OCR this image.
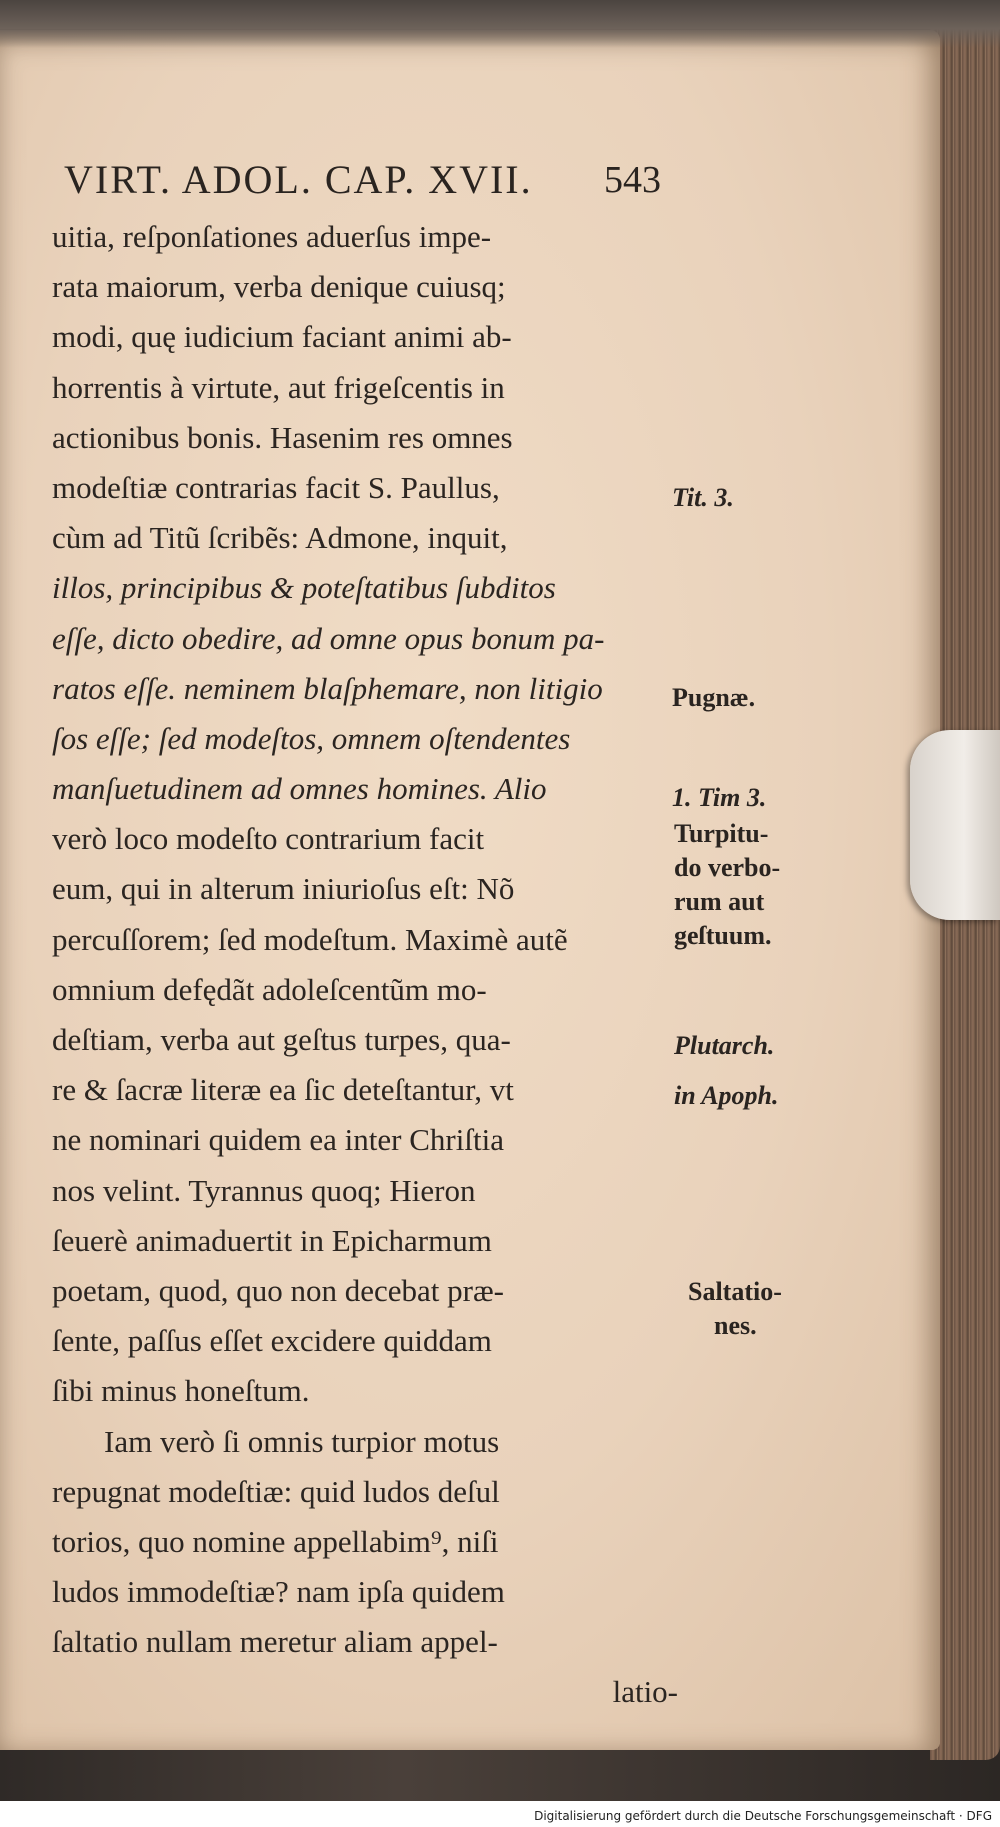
VIRT. ADOL. CAP. XVII.	543
uitia, reſponſationes aduerſus impe-
rata maiorum, verba denique cuiusq;
modi, quę iudicium faciant animi ab-
horrentis à virtute, aut frigeſcentis in
actionibus bonis. Hasenim res omnes
modeſtiæ contrarias facit S. Paullus,
cùm ad Titũ ſcribẽs: Admone, inquit,
illos, principibus & poteſtatibus ſubditos
eſſe, dicto obedire, ad omne opus bonum pa-
ratos eſſe. neminem blaſphemare, non litigio
ſos eſſe; ſed modeſtos, omnem oſtendentes
manſuetudinem ad omnes homines. Alio
verò loco modeſto contrarium facit
eum, qui in alterum iniurioſus eſt: Nõ
percuſſorem; ſed modeſtum. Maximè autẽ
omnium defędãt adoleſcentũm mo-
deſtiam, verba aut geſtus turpes, qua-
re & ſacræ literæ ea ſic deteſtantur, vt
ne nominari quidem ea inter Chriſtia
nos velint. Tyrannus quoq; Hieron
ſeuerè animaduertit in Epicharmum
poetam, quod, quo non decebat præ-
ſente, paſſus eſſet excidere quiddam
ſibi minus honeſtum.
Iam verò ſi omnis turpior motus
repugnat modeſtiæ: quid ludos deſul
torios, quo nomine appellabim⁹, niſi
ludos immodeſtiæ? nam ipſa quidem
ſaltatio nullam meretur aliam appel-
latio-
Tit. 3.
Pugnæ.
1. Tim 3.
Turpitu-
do verbo-
rum aut
geſtuum.
Plutarch.
in Apoph.
Saltatio-
nes.
Digitalisierung gefördert durch die Deutsche Forschungsgemeinschaft · DFG
